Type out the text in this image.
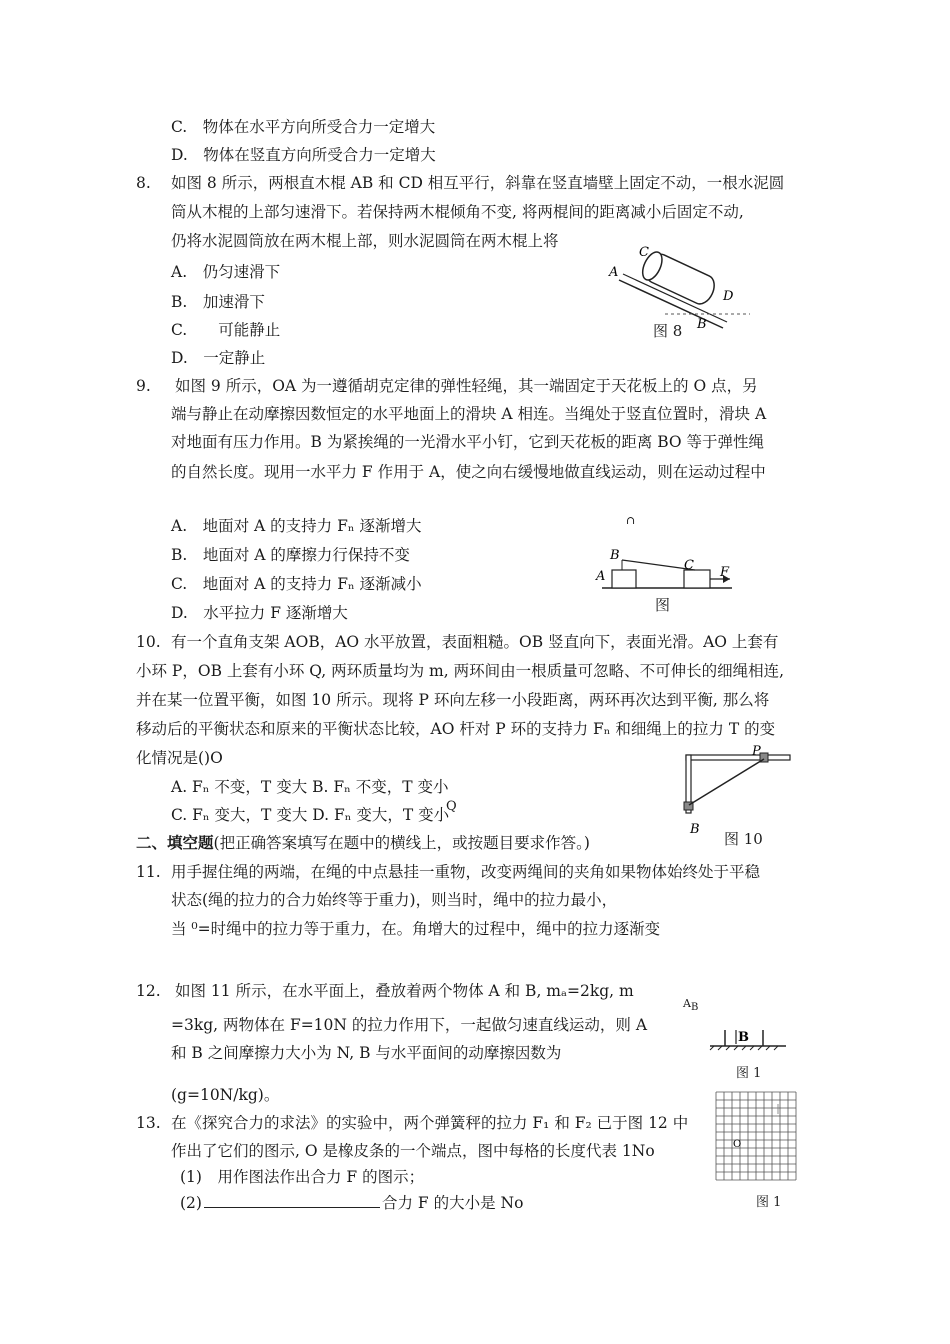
C.　物体在水平方向所受合力一定增大
D.　物体在竖直方向所受合力一定增大
8. 如图 8 所示，两根直木棍 AB 和 CD 相互平行，斜靠在竖直墙壁上固定不动，一根水泥圆
筒从木棍的上部匀速滑下。若保持两木棍倾角不变, 将两棍间的距离减小后固定不动,
仍将水泥圆筒放在两木棍上部，则水泥圆筒在两木棍上将
A.　仍匀速滑下
B.　加速滑下
C.　　可能静止
D.　一定静止
A
C
D
B
图 8
9. 如图 9 所示，OA 为一遵循胡克定律的弹性轻绳，其一端固定于天花板上的 O 点，另
端与静止在动摩擦因数恒定的水平地面上的滑块 A 相连。当绳处于竖直位置时，滑块 A
对地面有压力作用。B 为紧挨绳的一光滑水平小钉，它到天花板的距离 BO 等于弹性绳
的自然长度。现用一水平力 F 作用于 A，使之向右缓慢地做直线运动，则在运动过程中
A.　地面对 A 的支持力 Fₙ 逐渐增大
B.　地面对 A 的摩擦力行保持不变
C.　地面对 A 的支持力 Fₙ 逐渐减小
D.　水平拉力 F 逐渐增大
∩
B
A
C F
图
10. 有一个直角支架 AOB，AO 水平放置，表面粗糙。OB 竖直向下，表面光滑。AO 上套有
小环 P，OB 上套有小环 Q, 两环质量均为 m, 两环间由一根质量可忽略、不可伸长的细绳相连,
并在某一位置平衡，如图 10 所示。现将 P 环向左移一小段距离，两环再次达到平衡, 那么将
移动后的平衡状态和原来的平衡状态比较，AO 杆对 P 环的支持力 Fₙ 和细绳上的拉力 T 的变
化情况是()O
A. Fₙ 不变，T 变大 B. Fₙ 不变，T 变小
C. Fₙ 变大，T 变大 D. Fₙ 变大，T 变小
Q
P
B
图 10
二、填空题(把正确答案填写在题中的横线上，或按题目要求作答。)
11. 用手握住绳的两端，在绳的中点悬挂一重物，改变两绳间的夹角如果物体始终处于平稳
状态(绳的拉力的合力始终等于重力)，则当时，绳中的拉力最小，
当 ⁰=时绳中的拉力等于重力，在。角增大的过程中，绳中的拉力逐渐变
12. 如图 11 所示，在水平面上，叠放着两个物体 A 和 B, mₐ=2kg, m
=3kg, 两物体在 F=10N 的拉力作用下，一起做匀速直线运动，则 A
和 B 之间摩擦力大小为 N, B 与水平面间的动摩擦因数为
(g=10N/kg)。
$A_B$
B
图 1
13. 在《探究合力的求法》的实验中，两个弹簧秤的拉力 F₁ 和 F₂ 已于图 12 中
作出了它们的图示, O 是橡皮条的一个端点，图中每格的长度代表 1No
(1)　用作图法作出合力 F 的图示；
(2)	合力 F 的大小是 No
O
图 1
